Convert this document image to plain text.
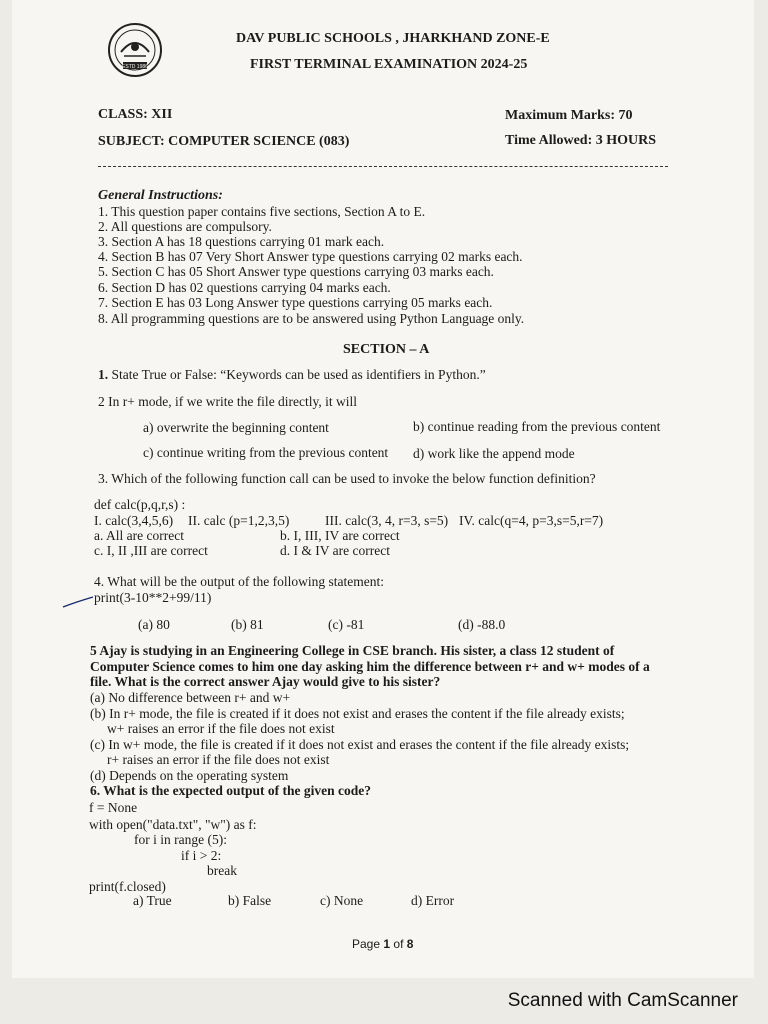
ESTD 1986
DAV PUBLIC SCHOOLS , JHARKHAND ZONE-E
FIRST TERMINAL EXAMINATION 2024-25
CLASS: XII	Maximum Marks: 70
SUBJECT: COMPUTER SCIENCE (083)	Time Allowed: 3 HOURS
General Instructions:
1. This question paper contains five sections, Section A to E.
2. All questions are compulsory.
3. Section A has 18 questions carrying 01 mark each.
4. Section B has 07 Very Short Answer type questions carrying 02 marks each.
5. Section C has 05 Short Answer type questions carrying 03 marks each.
6. Section D has 02 questions carrying 04 marks each.
7. Section E has 03 Long Answer type questions carrying 05 marks each.
8. All programming questions are to be answered using Python Language only.
SECTION – A
1. State True or False: “Keywords can be used as identifiers in Python.”
2 In r+ mode, if we write the file directly, it will
a) overwrite the beginning content	b) continue reading from the previous content
c) continue writing from the previous content d) work like the append mode
3. Which of the following function call can be used to invoke the below function definition?
def calc(p,q,r,s) :
I. calc(3,4,5,6) II. calc (p=1,2,3,5)	III. calc(3, 4, r=3, s=5) IV. calc(q=4, p=3,s=5,r=7)
a. All are correct	b. I, III, IV are correct
c. I, II ,III are correct	d. I & IV are correct
4. What will be the output of the following statement:
print(3-10**2+99/11)
(a) 80	(b) 81	(c) -81	(d) -88.0
5 Ajay is studying in an Engineering College in CSE branch. His sister, a class 12 student of
Computer Science comes to him one day asking him the difference between r+ and w+ modes of a
file. What is the correct answer Ajay would give to his sister?
(a) No difference between r+ and w+
(b) In r+ mode, the file is created if it does not exist and erases the content if the file already exists;
w+ raises an error if the file does not exist
(c) In w+ mode, the file is created if it does not exist and erases the content if the file already exists;
r+ raises an error if the file does not exist
(d) Depends on the operating system
6. What is the expected output of the given code?
f = None
with open("data.txt", "w") as f:
for i in range (5):
if i > 2:
break
print(f.closed)
a) True	b) False	c) None	d) Error
Page 1 of 8
Scanned with CamScanner
